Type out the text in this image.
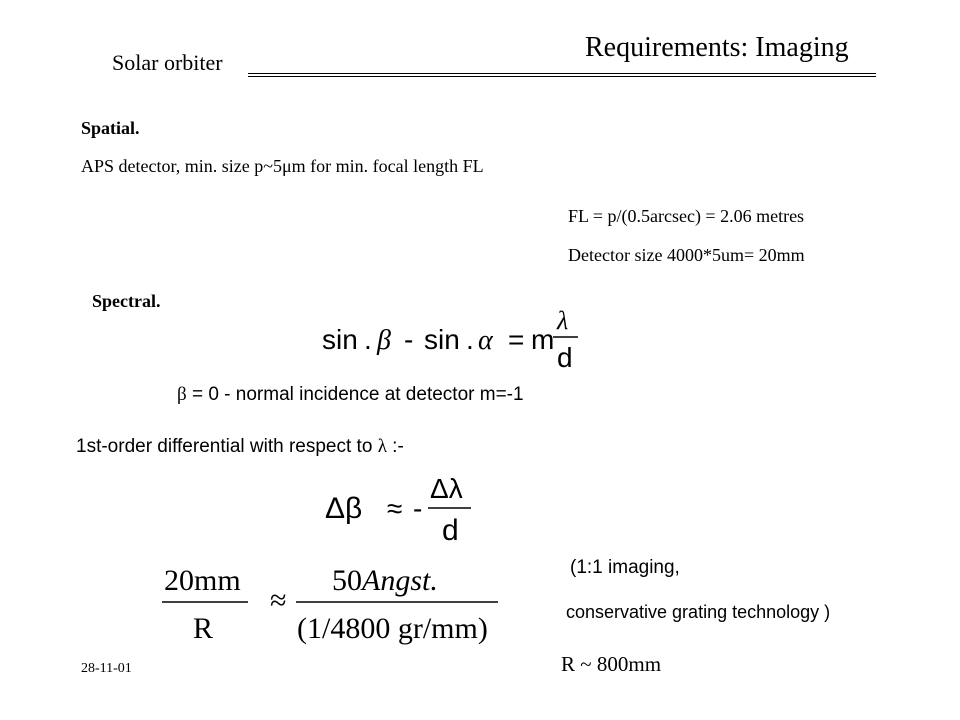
Requirements: Imaging
Solar orbiter
Spatial.
APS detector, min. size p~5μm for min. focal length FL
FL = p/(0.5arcsec) = 2.06 metres
Detector size 4000*5um= 20mm
Spectral.
sin . β - sin . α = m
λ
d
β = 0 - normal incidence at detector m=-1
1st-order differential with respect to λ :-
Δβ ≈ -
Δλ
d
20mm
R
≈
50Angst.
(1/4800 gr/mm)
(1:1 imaging,
conservative grating technology )
R ~ 800mm
28-11-01
